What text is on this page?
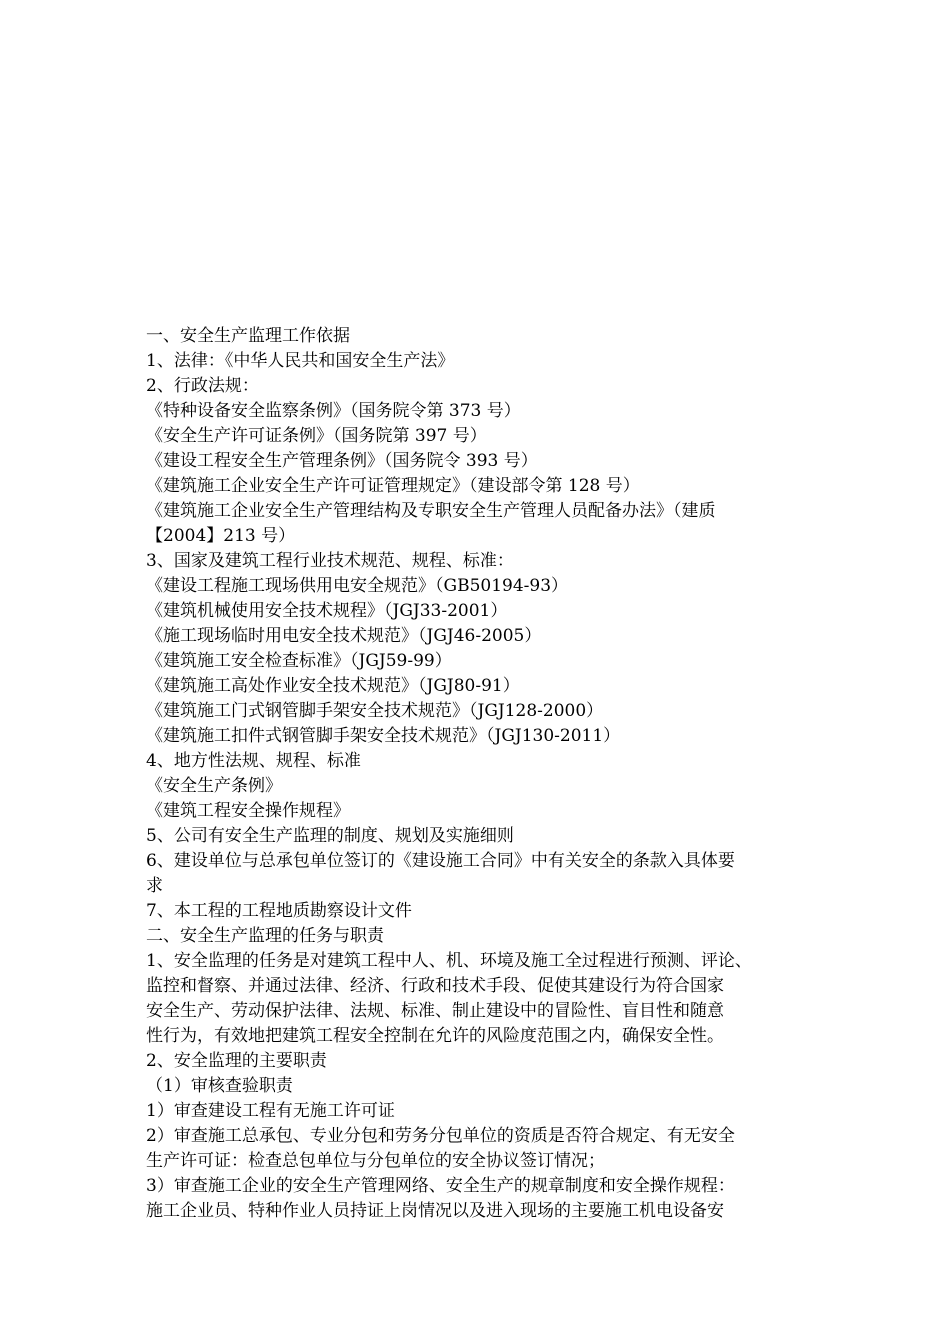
一、安全生产监理工作依据
1、法律：《中华人民共和国安全生产法》
2、行政法规：
《特种设备安全监察条例》（国务院令第 373 号）
《安全生产许可证条例》（国务院第 397 号）
《建设工程安全生产管理条例》（国务院令 393 号）
《建筑施工企业安全生产许可证管理规定》（建设部令第 128 号）
《建筑施工企业安全生产管理结构及专职安全生产管理人员配备办法》（建质
【2004】213 号）
3、国家及建筑工程行业技术规范、规程、标准：
《建设工程施工现场供用电安全规范》（GB50194-93）
《建筑机械使用安全技术规程》（JGJ33-2001）
《施工现场临时用电安全技术规范》（JGJ46-2005）
《建筑施工安全检查标准》（JGJ59-99）
《建筑施工高处作业安全技术规范》（JGJ80-91）
《建筑施工门式钢管脚手架安全技术规范》（JGJ128-2000）
《建筑施工扣件式钢管脚手架安全技术规范》（JGJ130-2011）
4、地方性法规、规程、标准
《安全生产条例》
《建筑工程安全操作规程》
5、公司有安全生产监理的制度、规划及实施细则
6、建设单位与总承包单位签订的《建设施工合同》中有关安全的条款入具体要
求
7、本工程的工程地质勘察设计文件
二、安全生产监理的任务与职责
1、安全监理的任务是对建筑工程中人、机、环境及施工全过程进行预测、评论、
监控和督察、并通过法律、经济、行政和技术手段、促使其建设行为符合国家
安全生产、劳动保护法律、法规、标准、制止建设中的冒险性、盲目性和随意
性行为，有效地把建筑工程安全控制在允许的风险度范围之内，确保安全性。
2、安全监理的主要职责
（1）审核查验职责
1）审查建设工程有无施工许可证
2）审查施工总承包、专业分包和劳务分包单位的资质是否符合规定、有无安全
生产许可证：检查总包单位与分包单位的安全协议签订情况；
3）审查施工企业的安全生产管理网络、安全生产的规章制度和安全操作规程：
施工企业员、特种作业人员持证上岗情况以及进入现场的主要施工机电设备安
